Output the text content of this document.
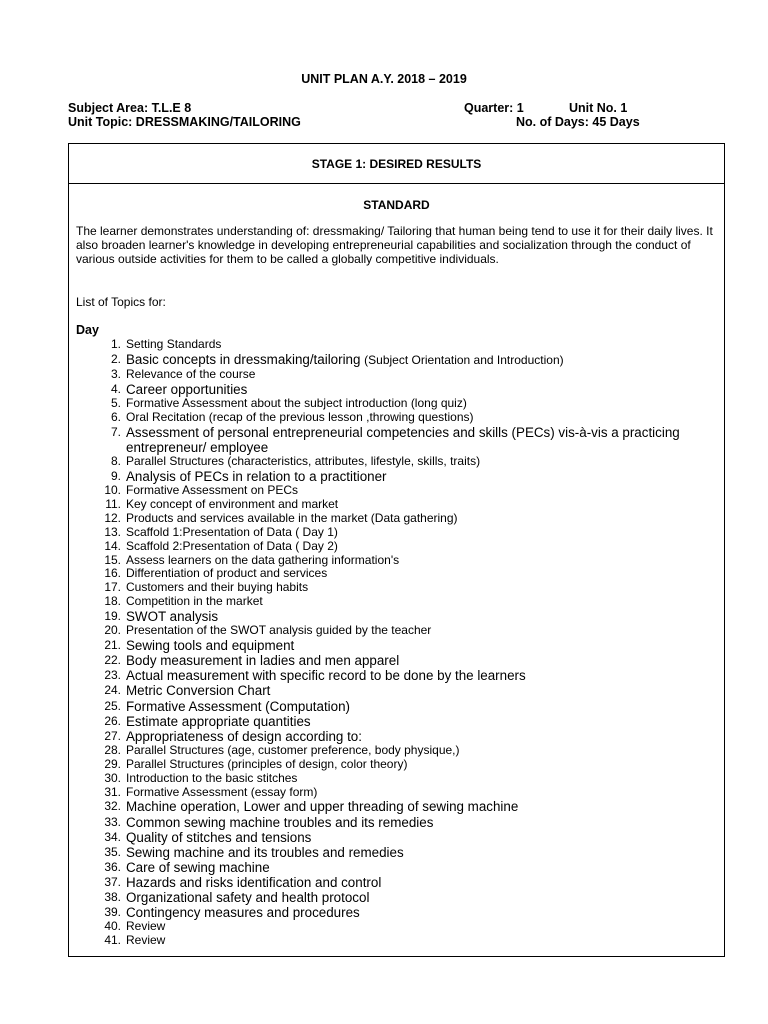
UNIT PLAN A.Y. 2018 – 2019
Subject Area: T.L.E 8
Unit Topic: DRESSMAKING/TAILORING
Quarter: 1	Unit No. 1
No. of Days: 45 Days
STAGE 1: DESIRED RESULTS
STANDARD
The learner demonstrates understanding of: dressmaking/ Tailoring that human being tend to use it for their daily lives. It also broaden learner's knowledge in developing entrepreneurial capabilities and socialization through the conduct of various outside activities for them to be called a globally competitive individuals.
List of Topics for:
Day
1. Setting Standards
2. Basic concepts in dressmaking/tailoring (Subject Orientation and Introduction)
3. Relevance of the course
4. Career opportunities
5. Formative Assessment about the subject introduction (long quiz)
6. Oral Recitation (recap of the previous lesson ,throwing questions)
7. Assessment of personal entrepreneurial competencies and skills (PECs) vis-à-vis a practicing entrepreneur/ employee
8. Parallel Structures (characteristics, attributes, lifestyle, skills, traits)
9. Analysis of PECs in relation to a practitioner
10. Formative Assessment on PECs
11. Key concept of environment and market
12. Products and services available in the market (Data gathering)
13. Scaffold 1:Presentation of Data ( Day 1)
14. Scaffold 2:Presentation of Data ( Day 2)
15. Assess learners on the data gathering information's
16. Differentiation of product and services
17. Customers and their buying habits
18. Competition in the market
19. SWOT analysis
20. Presentation of the SWOT analysis guided by the teacher
21. Sewing tools and equipment
22. Body measurement in ladies and men apparel
23. Actual measurement with specific record to be done by the learners
24. Metric Conversion Chart
25. Formative Assessment (Computation)
26. Estimate appropriate quantities
27. Appropriateness of design according to:
28. Parallel Structures (age, customer preference, body physique,)
29. Parallel Structures (principles of design, color theory)
30. Introduction to the basic stitches
31. Formative Assessment (essay form)
32. Machine operation, Lower and upper threading of sewing machine
33. Common sewing machine troubles and its remedies
34. Quality of stitches and tensions
35. Sewing machine and its troubles and remedies
36. Care of sewing machine
37. Hazards and risks identification and control
38. Organizational safety and health protocol
39. Contingency measures and procedures
40. Review
41. Review
